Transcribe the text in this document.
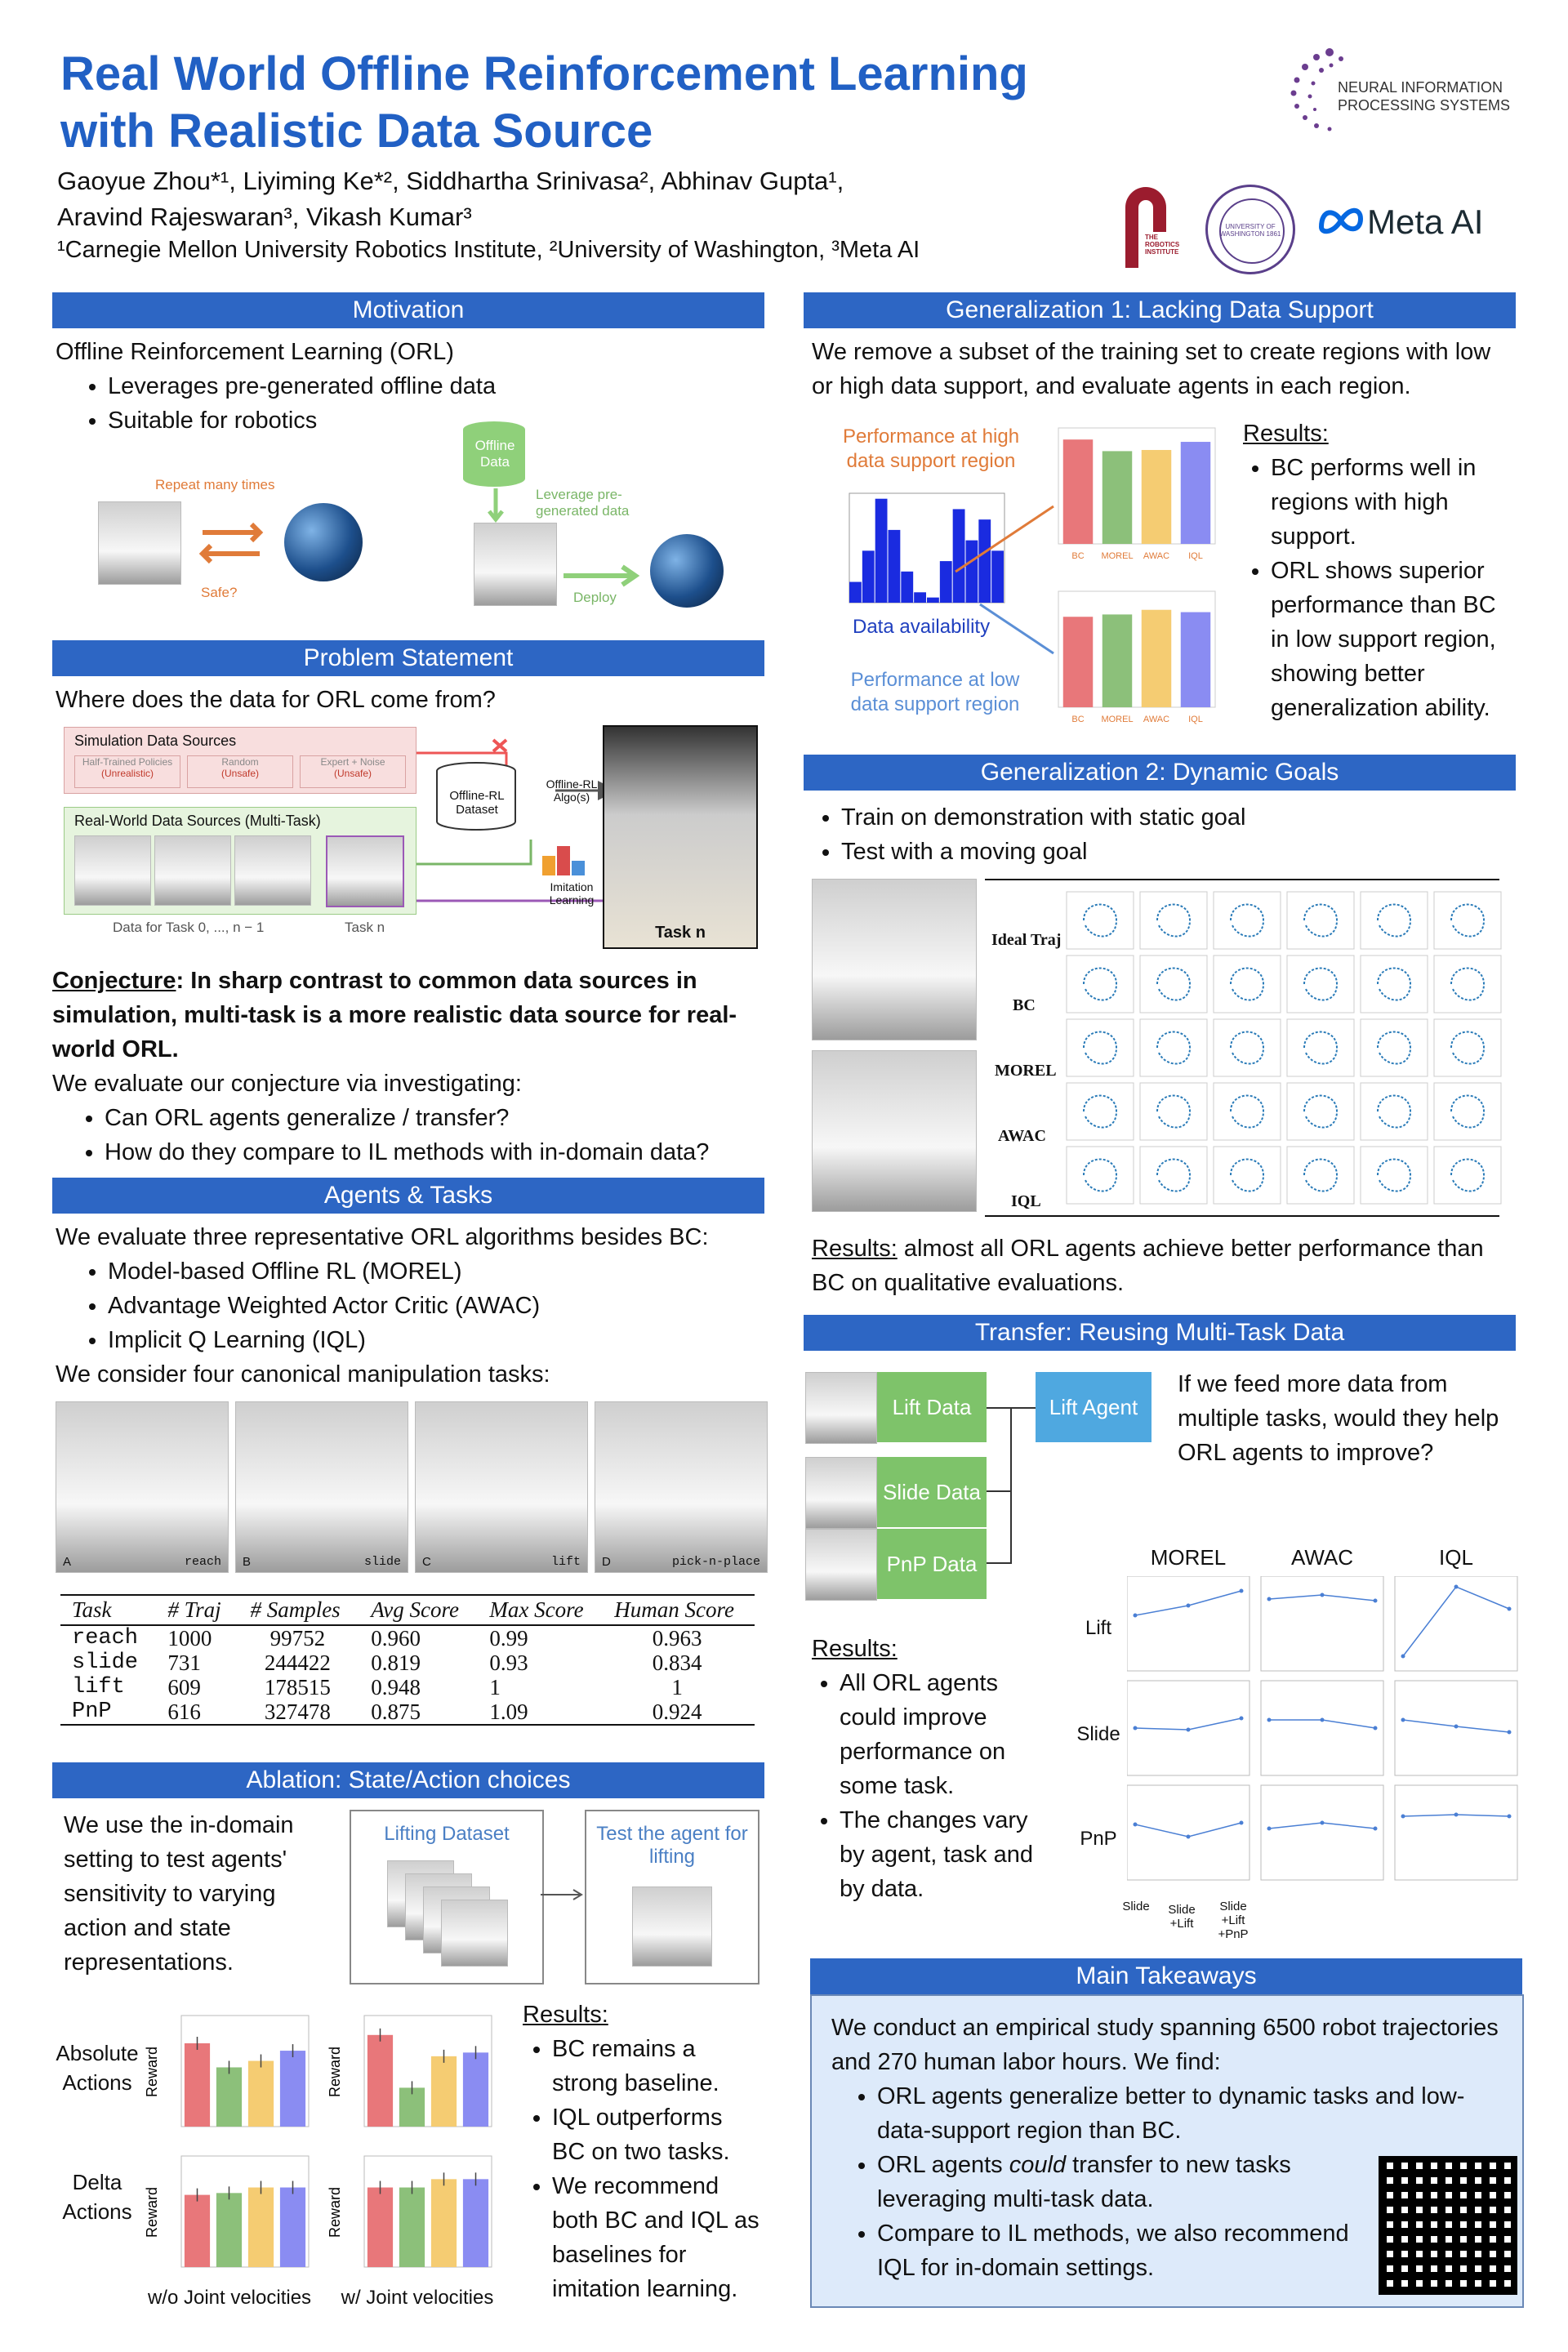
Real World Offline Reinforcement Learning
with Realistic Data Source
Gaoyue Zhou*¹, Liyiming Ke*², Siddhartha Srinivasa², Abhinav Gupta¹,
Aravind Rajeswaran³, Vikash Kumar³
¹Carnegie Mellon University Robotics Institute, ²University of Washington, ³Meta AI
NEURAL INFORMATION
PROCESSING SYSTEMS
THE ROBOTICS INSTITUTE
UNIVERSITY OF WASHINGTON 1861	Meta AI
Motivation
Offline Reinforcement Learning (ORL)
• Leverages pre-generated offline data
• Suitable for robotics
Repeat many times
Safe?
Offline Data
Leverage pre-generated data
Deploy
Problem Statement
Where does the data for ORL come from?
Simulation Data Sources
Half-Trained Policies
(Unrealistic)
Random
(Unsafe)
Expert + Noise
(Unsafe)
Real-World Data Sources (Multi-Task)
Data for Task 0, ..., n − 1	Task n
Offline-RL Dataset
Offline-RL Algo(s)
Imitation Learning
Task n
Conjecture: In sharp contrast to common data sources in simulation, multi-task is a more realistic data source for real-world ORL.
We evaluate our conjecture via investigating:
• Can ORL agents generalize / transfer?
• How do they compare to IL methods with in-domain data?
Agents & Tasks
We evaluate three representative ORL algorithms besides BC:
• Model-based Offline RL (MOREL)
• Advantage Weighted Actor Critic (AWAC)
• Implicit Q Learning (IQL)
We consider four canonical manipulation tasks:
A	reach B	slide C	lift D	pick-n-place
Task	# Traj	# Samples	Avg Score	Max Score	Human Score
reach	1000	99752	0.960	0.99	0.963
slide	731	244422	0.819	0.93	0.834
lift	609	178515	0.948	1	1
PnP	616	327478	0.875	1.09	0.924
Ablation: State/Action choices
We use the in-domain setting to test agents' sensitivity to varying action and state representations.
Lifting Dataset	Test the agent for lifting
Absolute Actions
Delta Actions
Reward	Reward
Reward	Reward
w/o Joint velocities	w/ Joint velocities
Results:
• BC remains a strong baseline.
• IQL outperforms BC on two tasks.
• We recommend both BC and IQL as baselines for imitation learning.
Generalization 1: Lacking Data Support
We remove a subset of the training set to create regions with low or high data support, and evaluate agents in each region.
Performance at high data support region
Data availability
Performance at low data support region
BC MOREL AWAC IQL
BC MOREL AWAC IQL
Results:
• BC performs well in regions with high support.
• ORL shows superior performance than BC in low support region, showing better generalization ability.
Generalization 2: Dynamic Goals
• Train on demonstration with static goal
• Test with a moving goal
Ideal Traj
BC
MOREL
AWAC
IQL
Results: almost all ORL agents achieve better performance than BC on qualitative evaluations.
Transfer: Reusing Multi-Task Data
Lift Data
Slide Data
PnP Data
Lift Agent
If we feed more data from multiple tasks, would they help ORL agents to improve?
MOREL	AWAC	IQL
Lift
Slide
PnP
Slide	Slide +Lift
Slide +Lift +PnP
Results:
• All ORL agents could improve performance on some task.
• The changes vary by agent, task and by data.
Main Takeaways
We conduct an empirical study spanning 6500 robot trajectories and 270 human labor hours. We find:
• ORL agents generalize better to dynamic tasks and low-data-support region than BC.
• ORL agents could transfer to new tasks leveraging multi-task data.
• Compare to IL methods, we also recommend IQL for in-domain settings.
